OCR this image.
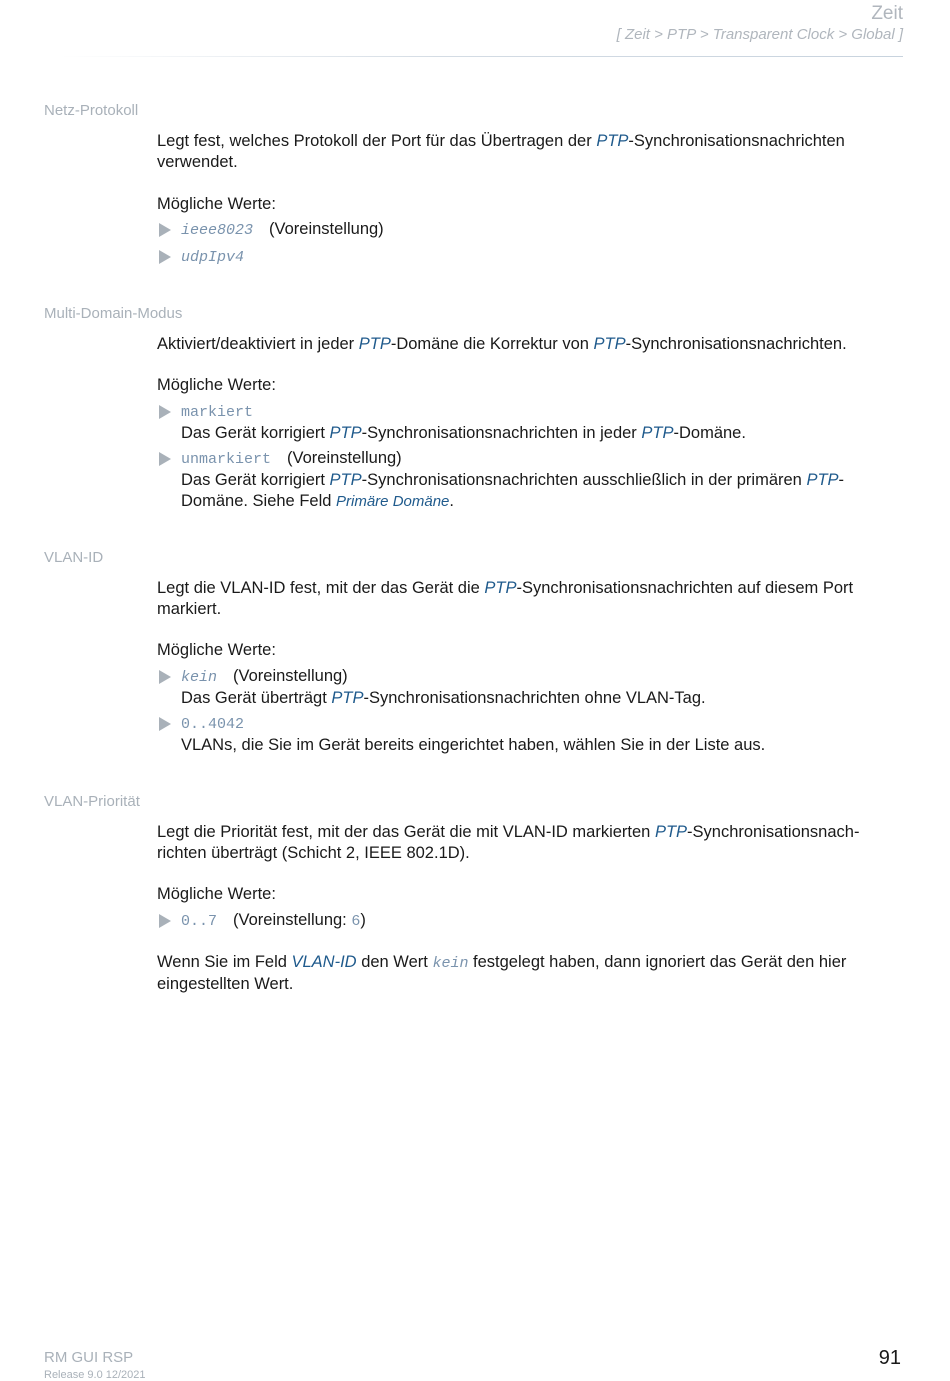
Zeit
[ Zeit > PTP > Transparent Clock > Global ]
Netz-Protokoll
Legt fest, welches Protokoll der Port für das Übertragen der PTP-Synchronisationsnachrichten verwendet.
Mögliche Werte:
ieee8023 (Voreinstellung)
udpIpv4
Multi-Domain-Modus
Aktiviert/deaktiviert in jeder PTP-Domäne die Korrektur von PTP-Synchronisationsnachrichten.
Mögliche Werte:
markiert
Das Gerät korrigiert PTP-Synchronisationsnachrichten in jeder PTP-Domäne.
unmarkiert (Voreinstellung)
Das Gerät korrigiert PTP-Synchronisationsnachrichten ausschließlich in der primären PTP-Domäne. Siehe Feld Primäre Domäne.
VLAN-ID
Legt die VLAN-ID fest, mit der das Gerät die PTP-Synchronisationsnachrichten auf diesem Port markiert.
Mögliche Werte:
kein (Voreinstellung)
Das Gerät überträgt PTP-Synchronisationsnachrichten ohne VLAN-Tag.
0..4042
VLANs, die Sie im Gerät bereits eingerichtet haben, wählen Sie in der Liste aus.
VLAN-Priorität
Legt die Priorität fest, mit der das Gerät die mit VLAN-ID markierten PTP-Synchronisationsnachrichten überträgt (Schicht 2, IEEE 802.1D).
Mögliche Werte:
0..7 (Voreinstellung: 6)
Wenn Sie im Feld VLAN-ID den Wert kein festgelegt haben, dann ignoriert das Gerät den hier eingestellten Wert.
RM GUI RSP
Release 9.0 12/2021
91
